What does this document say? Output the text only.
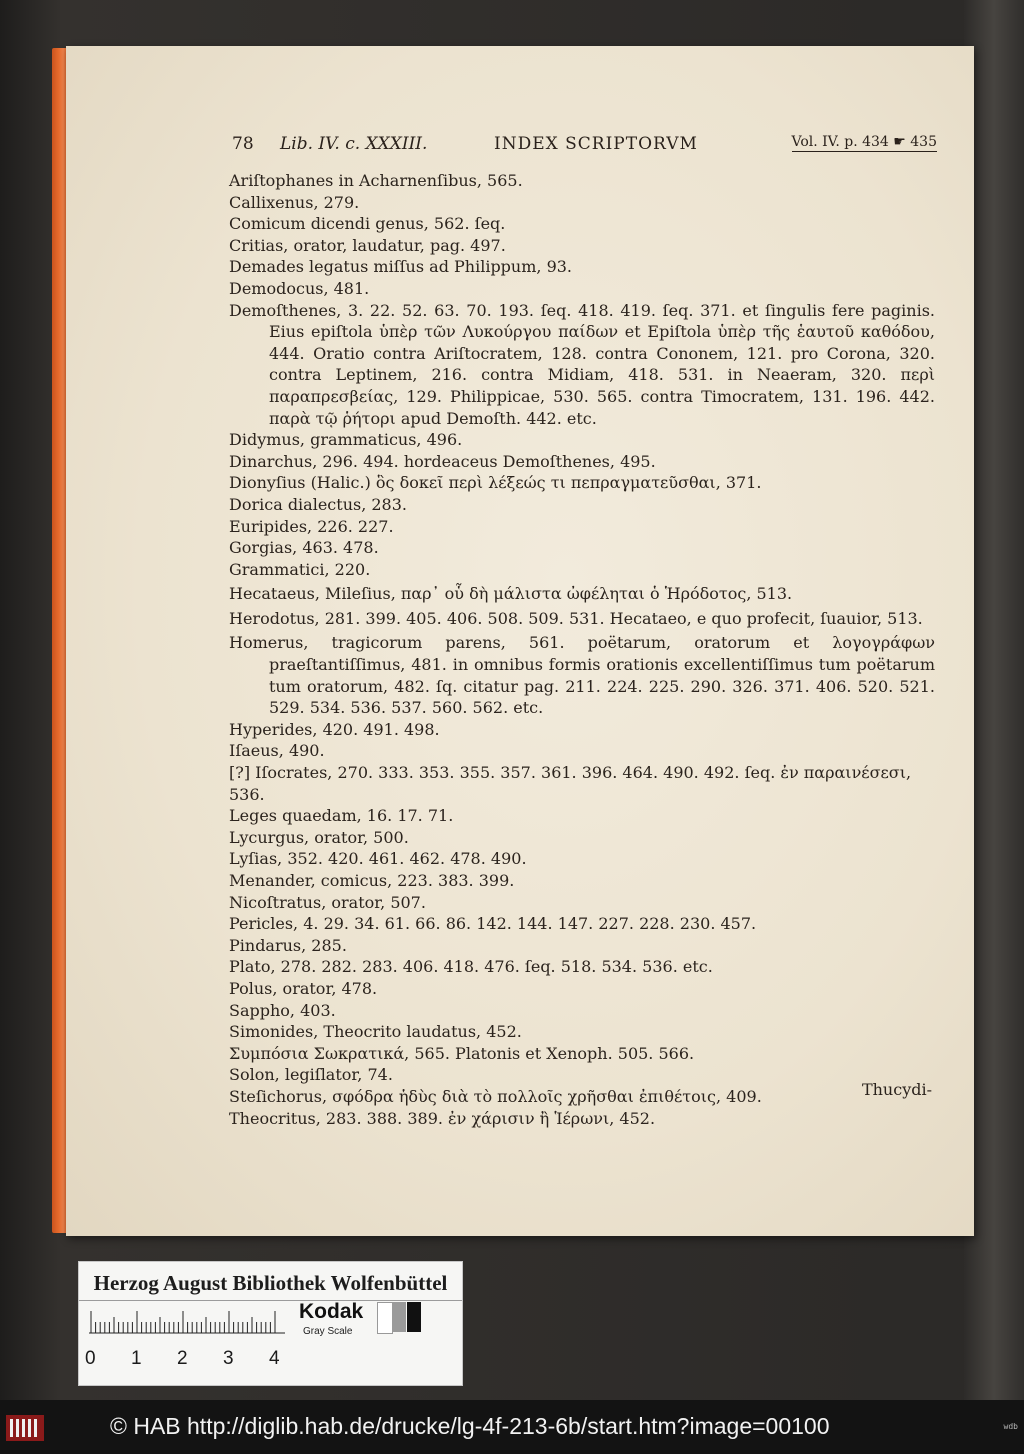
78 Lib. IV. c. XXXIII.	INDEX SCRIPTORVM	Vol. IV. p. 434 ☛ 435

Ariſtophanes in Acharnenſibus, 565.

Callixenus, 279.

Comicum dicendi genus, 562. ſeq.

Critias, orator, laudatur, pag. 497.

Demades legatus miſſus ad Philippum, 93.

Demodocus, 481.

Demoſthenes, 3. 22. 52. 63. 70. 193. ſeq. 418. 419. ſeq. 371. et ſingulis fere paginis. Eius epiſtola ὑπὲρ τῶν Λυκούργου παίδων et Epiſtola ὑπὲρ τῆς ἑαυτοῦ καθόδου, 444. Oratio contra Ariſtocratem, 128. contra Cononem, 121. pro Corona, 320. contra Leptinem, 216. contra Midiam, 418. 531. in Neaeram, 320. περὶ παραπρεσβείας, 129. Philippicae, 530. 565. contra Timocratem, 131. 196. 442. παρὰ τῷ ῥήτορι apud Demoſth. 442. etc.

Didymus, grammaticus, 496.

Dinarchus, 296. 494. hordeaceus Demoſthenes, 495.

Dionyſius (Halic.) ὃς δοκεῖ περὶ λέξεώς τι πεπραγματεῦσθαι, 371.

Dorica dialectus, 283.

Euripides, 226. 227.

Gorgias, 463. 478.

Grammatici, 220.

Hecataeus, Mileſius, παρ᾽ οὗ δὴ μάλιστα ὠφέληται ὁ Ἡρόδοτος, 513.

Herodotus, 281. 399. 405. 406. 508. 509. 531. Hecataeo, e quo profecit, ſuauior, 513.

Homerus, tragicorum parens, 561. poëtarum, oratorum et λογογράφων praeſtantiſſimus, 481. in omnibus formis orationis excellentiſſimus tum poëtarum tum oratorum, 482. ſq. citatur pag. 211. 224. 225. 290. 326. 371. 406. 520. 521. 529. 534. 536. 537. 560. 562. etc.

Hyperides, 420. 491. 498.

Iſaeus, 490.

[?] Iſocrates, 270. 333. 353. 355. 357. 361. 396. 464. 490. 492. ſeq. ἐν παραινέσεσι, 536.

Leges quaedam, 16. 17. 71.

Lycurgus, orator, 500.

Lyſias, 352. 420. 461. 462. 478. 490.

Menander, comicus, 223. 383. 399.

Nicoſtratus, orator, 507.

Pericles, 4. 29. 34. 61. 66. 86. 142. 144. 147. 227. 228. 230. 457.

Pindarus, 285.

Plato, 278. 282. 283. 406. 418. 476. ſeq. 518. 534. 536. etc.

Polus, orator, 478.

Sappho, 403.

Simonides, Theocrito laudatus, 452.

Συμπόσια Σωκρατικά, 565. Platonis et Xenoph. 505. 566.

Solon, legiſlator, 74.

Steſichorus, σφόδρα ἡδὺς διὰ τὸ πολλοῖς χρῆσθαι ἐπιθέτοις, 409.

Theocritus, 283. 388. 389. ἐν χάρισιν ἢ Ἱέρωνι, 452.

Thucydi-
Herzog August Bibliothek Wolfenbüttel
0 1 2 3 4
Kodak
Gray Scale
© HAB http://diglib.hab.de/drucke/lg-4f-213-6b/start.htm?image=00100	wdb
